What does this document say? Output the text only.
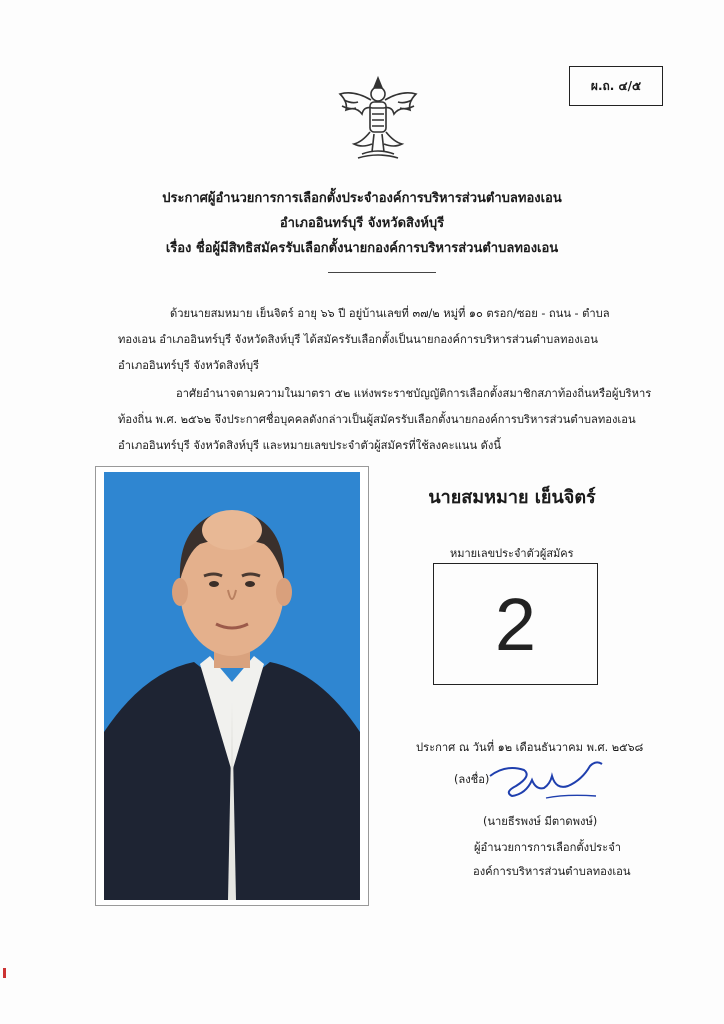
ผ.ถ. ๔/๕
ประกาศผู้อำนวยการการเลือกตั้งประจำองค์การบริหารส่วนตำบลทองเอน
อำเภออินทร์บุรี จังหวัดสิงห์บุรี
เรื่อง ชื่อผู้มีสิทธิสมัครรับเลือกตั้งนายกองค์การบริหารส่วนตำบลทองเอน
ด้วยนายสมหมาย เย็นจิตร์ อายุ ๖๖ ปี อยู่บ้านเลขที่ ๓๗/๒ หมู่ที่ ๑๐ ตรอก/ซอย - ถนน - ตำบล
ทองเอน อำเภออินทร์บุรี จังหวัดสิงห์บุรี ได้สมัครรับเลือกตั้งเป็นนายกองค์การบริหารส่วนตำบลทองเอน
อำเภออินทร์บุรี จังหวัดสิงห์บุรี
อาศัยอำนาจตามความในมาตรา ๕๒ แห่งพระราชบัญญัติการเลือกตั้งสมาชิกสภาท้องถิ่นหรือผู้บริหาร
ท้องถิ่น พ.ศ. ๒๕๖๒ จึงประกาศชื่อบุคคลดังกล่าวเป็นผู้สมัครรับเลือกตั้งนายกองค์การบริหารส่วนตำบลทองเอน
อำเภออินทร์บุรี จังหวัดสิงห์บุรี และหมายเลขประจำตัวผู้สมัครที่ใช้ลงคะแนน ดังนี้
นายสมหมาย เย็นจิตร์
หมายเลขประจำตัวผู้สมัคร
2
ประกาศ ณ วันที่ ๑๒ เดือนธันวาคม พ.ศ. ๒๕๖๘
(ลงชื่อ)
(นายธีรพงษ์ มีตาดพงษ์)
ผู้อำนวยการการเลือกตั้งประจำ
องค์การบริหารส่วนตำบลทองเอน
